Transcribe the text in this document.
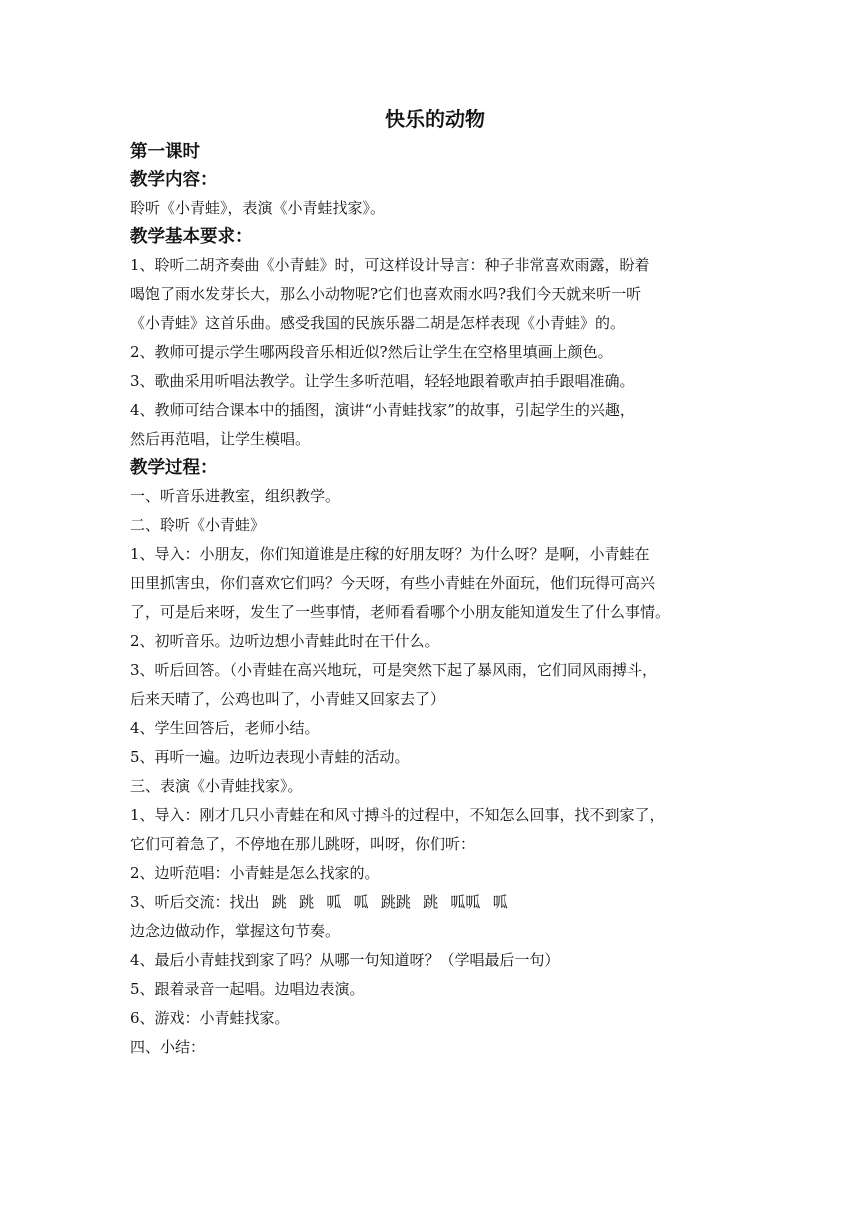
快乐的动物

第一课时

教学内容：

聆听《小青蛙》，表演《小青蛙找家》。

教学基本要求：

1、聆听二胡齐奏曲《小青蛙》时，可这样设计导言：种子非常喜欢雨露，盼着

喝饱了雨水发芽长大，那么小动物呢?它们也喜欢雨水吗?我们今天就来听一听

《小青蛙》这首乐曲。感受我国的民族乐器二胡是怎样表现《小青蛙》的。

2、教师可提示学生哪两段音乐相近似?然后让学生在空格里填画上颜色。

3、歌曲采用听唱法教学。让学生多听范唱，轻轻地跟着歌声拍手跟唱准确。

4、教师可结合课本中的插图，演讲“小青蛙找家”的故事，引起学生的兴趣，

然后再范唱，让学生模唱。

教学过程：

一、听音乐进教室，组织教学。

二、聆听《小青蛙》

1、导入：小朋友，你们知道谁是庄稼的好朋友呀？为什么呀？是啊，小青蛙在

田里抓害虫，你们喜欢它们吗？今天呀，有些小青蛙在外面玩，他们玩得可高兴

了，可是后来呀，发生了一些事情，老师看看哪个小朋友能知道发生了什么事情。

2、初听音乐。边听边想小青蛙此时在干什么。

3、听后回答。（小青蛙在高兴地玩，可是突然下起了暴风雨，它们同风雨搏斗，

后来天晴了，公鸡也叫了，小青蛙又回家去了）

4、学生回答后，老师小结。

5、再听一遍。边听边表现小青蛙的活动。

三、表演《小青蛙找家》。

1、导入：刚才几只小青蛙在和风寸搏斗的过程中，不知怎么回事，找不到家了，

它们可着急了，不停地在那儿跳呀，叫呀，你们听：

2、边听范唱：小青蛙是怎么找家的。

3、听后交流：找出 跳 跳 呱 呱 跳跳 跳 呱呱 呱

边念边做动作，掌握这句节奏。

4、最后小青蛙找到家了吗？从哪一句知道呀？（学唱最后一句）

5、跟着录音一起唱。边唱边表演。

6、游戏：小青蛙找家。

四、小结：
